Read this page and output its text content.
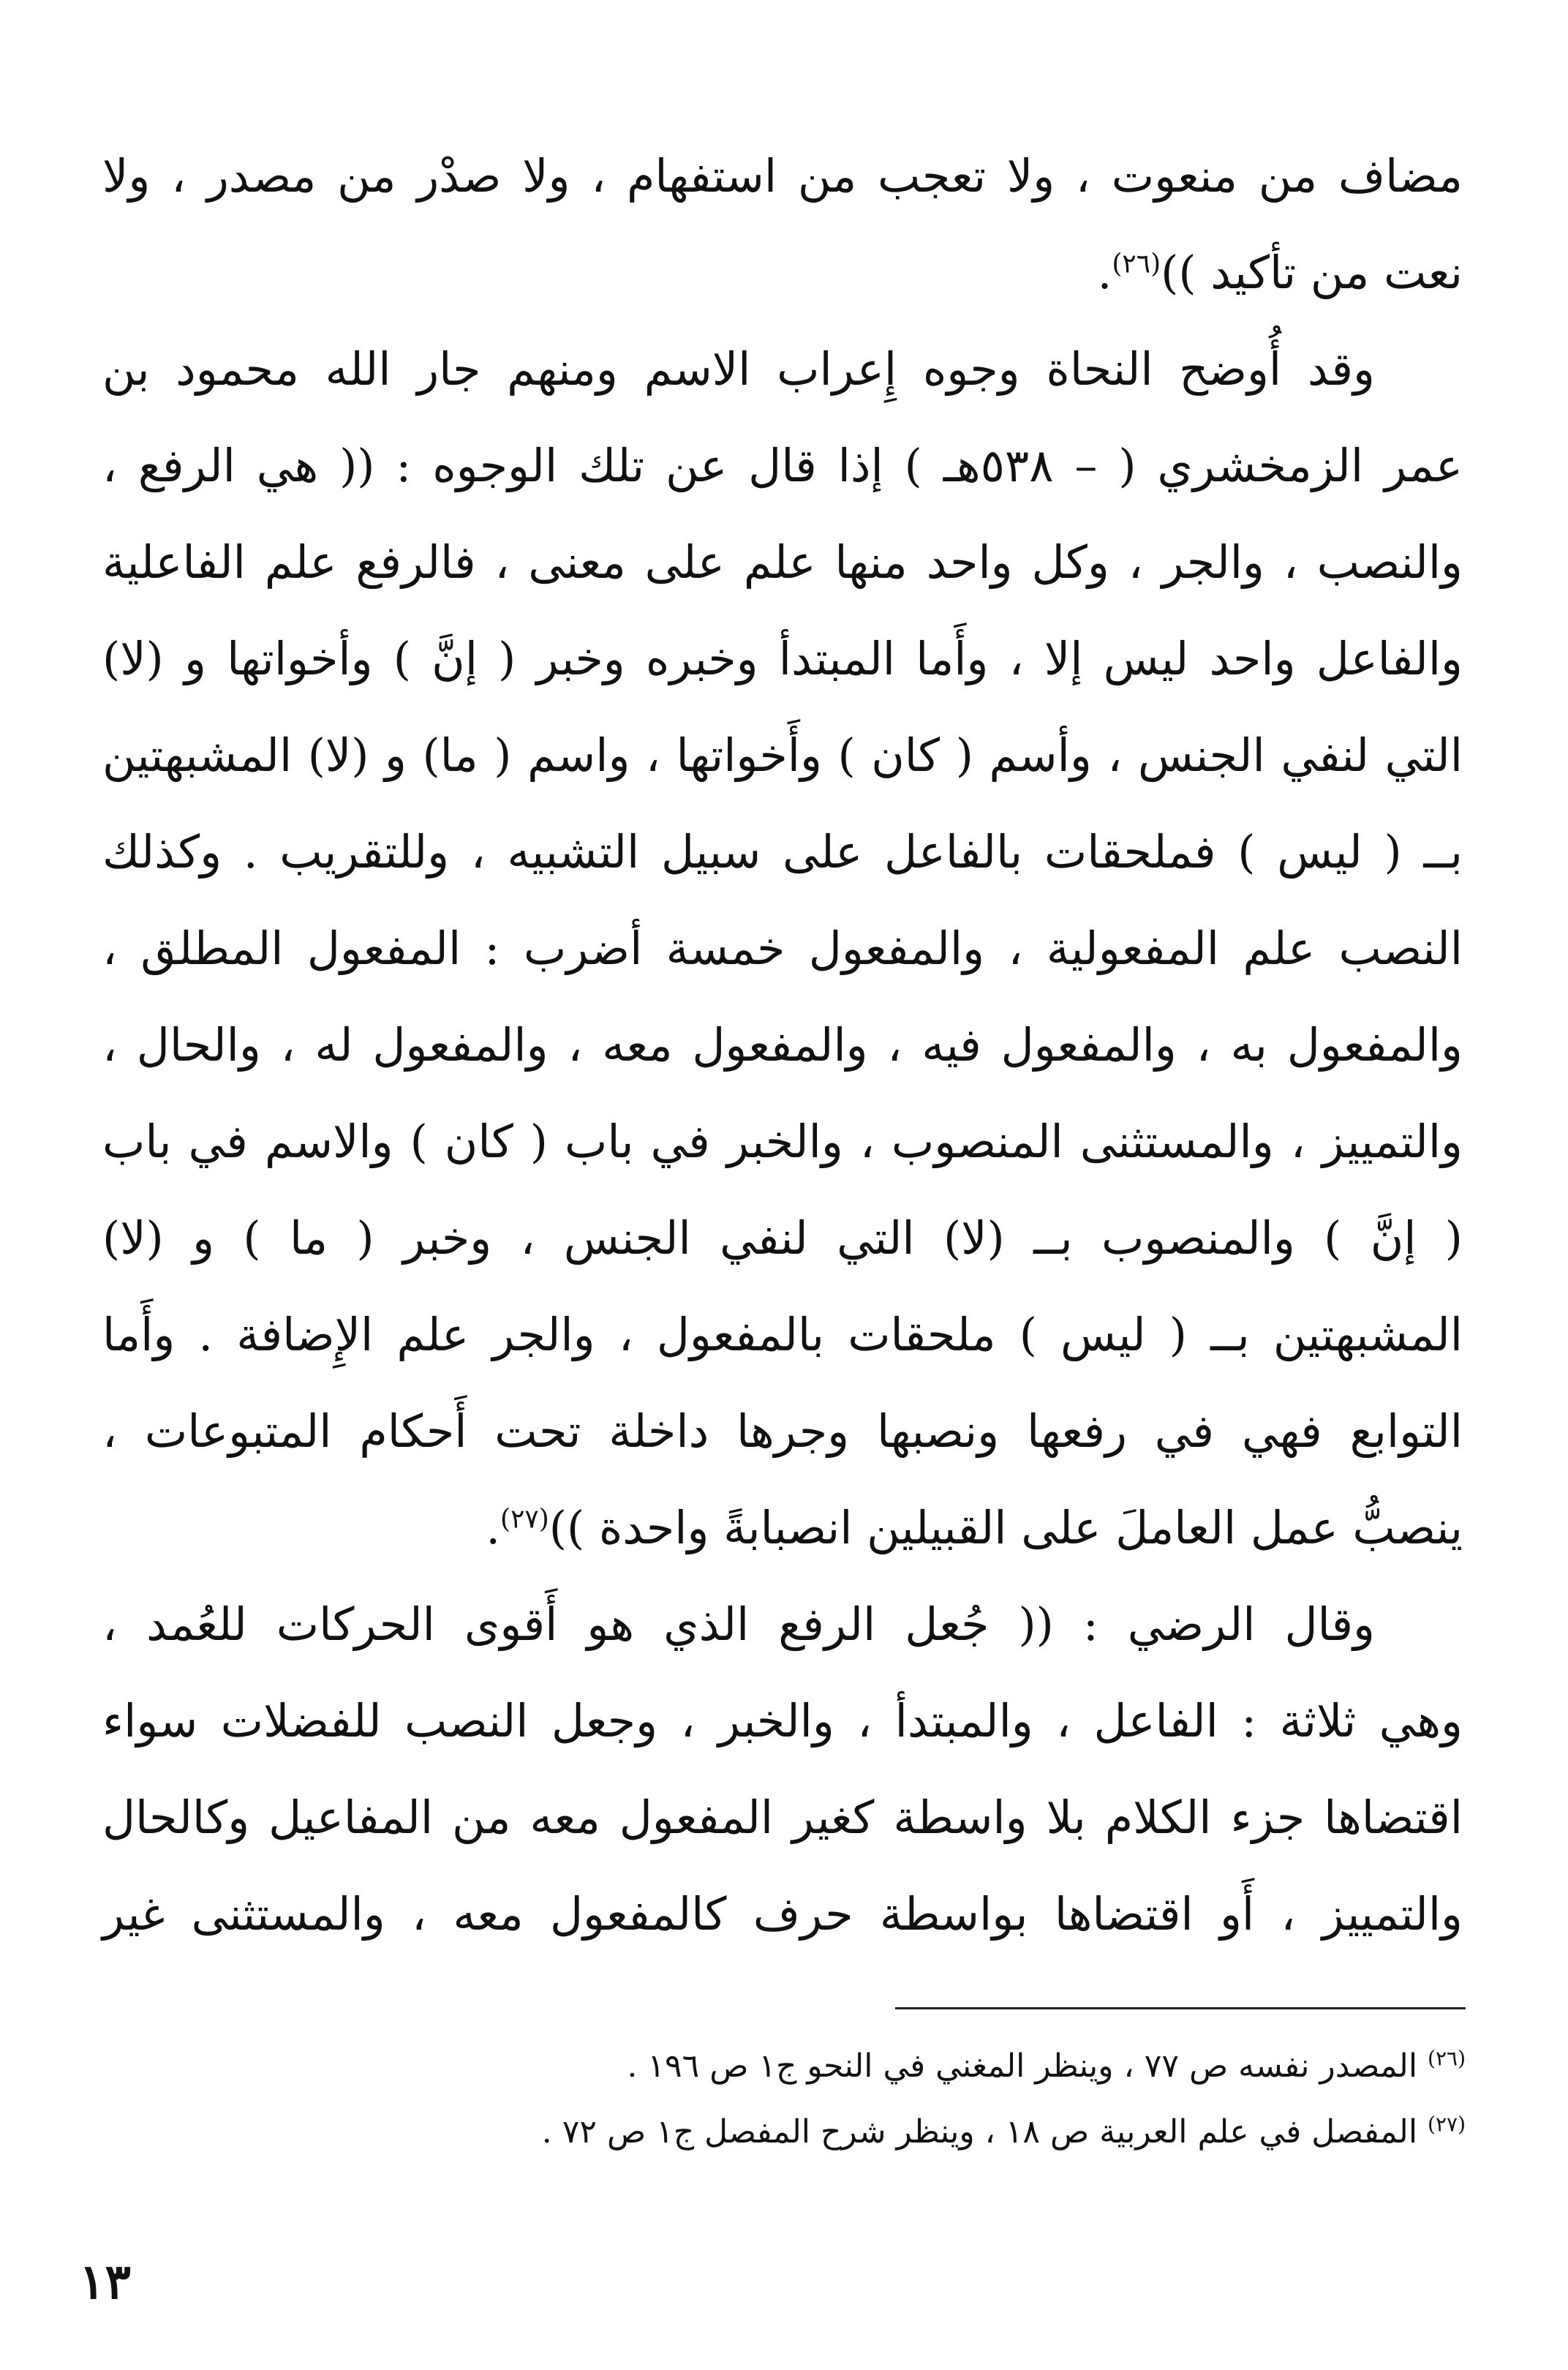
مضاف من منعوت ، ولا تعجب من استفهام ، ولا صدْر من مصدر ، ولا
نعت من تأكيد ))$^{(٢٦)}$.
وقد أُوضح النحاة وجوه إِعراب الاسم ومنهم جار الله محمود بن
عمر الزمخشري ( – ٥٣٨هـ ) إذا قال عن تلك الوجوه : (( هي الرفع ،
والنصب ، والجر ، وكل واحد منها علم على معنى ، فالرفع علم الفاعلية
والفاعل واحد ليس إلا ، وأَما المبتدأ وخبره وخبر ( إنَّ ) وأخواتها و (لا)
التي لنفي الجنس ، وأسم ( كان ) وأَخواتها ، واسم ( ما) و (لا) المشبهتين
بــ ( ليس ) فملحقات بالفاعل على سبيل التشبيه ، وللتقريب . وكذلك
النصب علم المفعولية ، والمفعول خمسة أضرب : المفعول المطلق ،
والمفعول به ، والمفعول فيه ، والمفعول معه ، والمفعول له ، والحال ،
والتمييز ، والمستثنى المنصوب ، والخبر في باب ( كان ) والاسم في باب
( إنَّ ) والمنصوب بــ (لا) التي لنفي الجنس ، وخبر ( ما ) و (لا)
المشبهتين بــ ( ليس ) ملحقات بالمفعول ، والجر علم الإِضافة . وأَما
التوابع فهي في رفعها ونصبها وجرها داخلة تحت أَحكام المتبوعات ،
ينصبُّ عمل العاملَ على القبيلين انصبابةً واحدة ))$^{(٢٧)}$.
وقال الرضي : (( جُعل الرفع الذي هو أَقوى الحركات للعُمد ،
وهي ثلاثة : الفاعل ، والمبتدأ ، والخبر ، وجعل النصب للفضلات سواء
اقتضاها جزء الكلام بلا واسطة كغير المفعول معه من المفاعيل وكالحال
والتمييز ، أَو اقتضاها بواسطة حرف كالمفعول معه ، والمستثنى غير
$^{(٢٦)}$ المصدر نفسه ص ٧٧ ، وينظر المغني في النحو ج١ ص ١٩٦ .
$^{(٢٧)}$ المفصل في علم العربية ص ١٨ ، وينظر شرح المفصل ج١ ص ٧٢ .
١٣
